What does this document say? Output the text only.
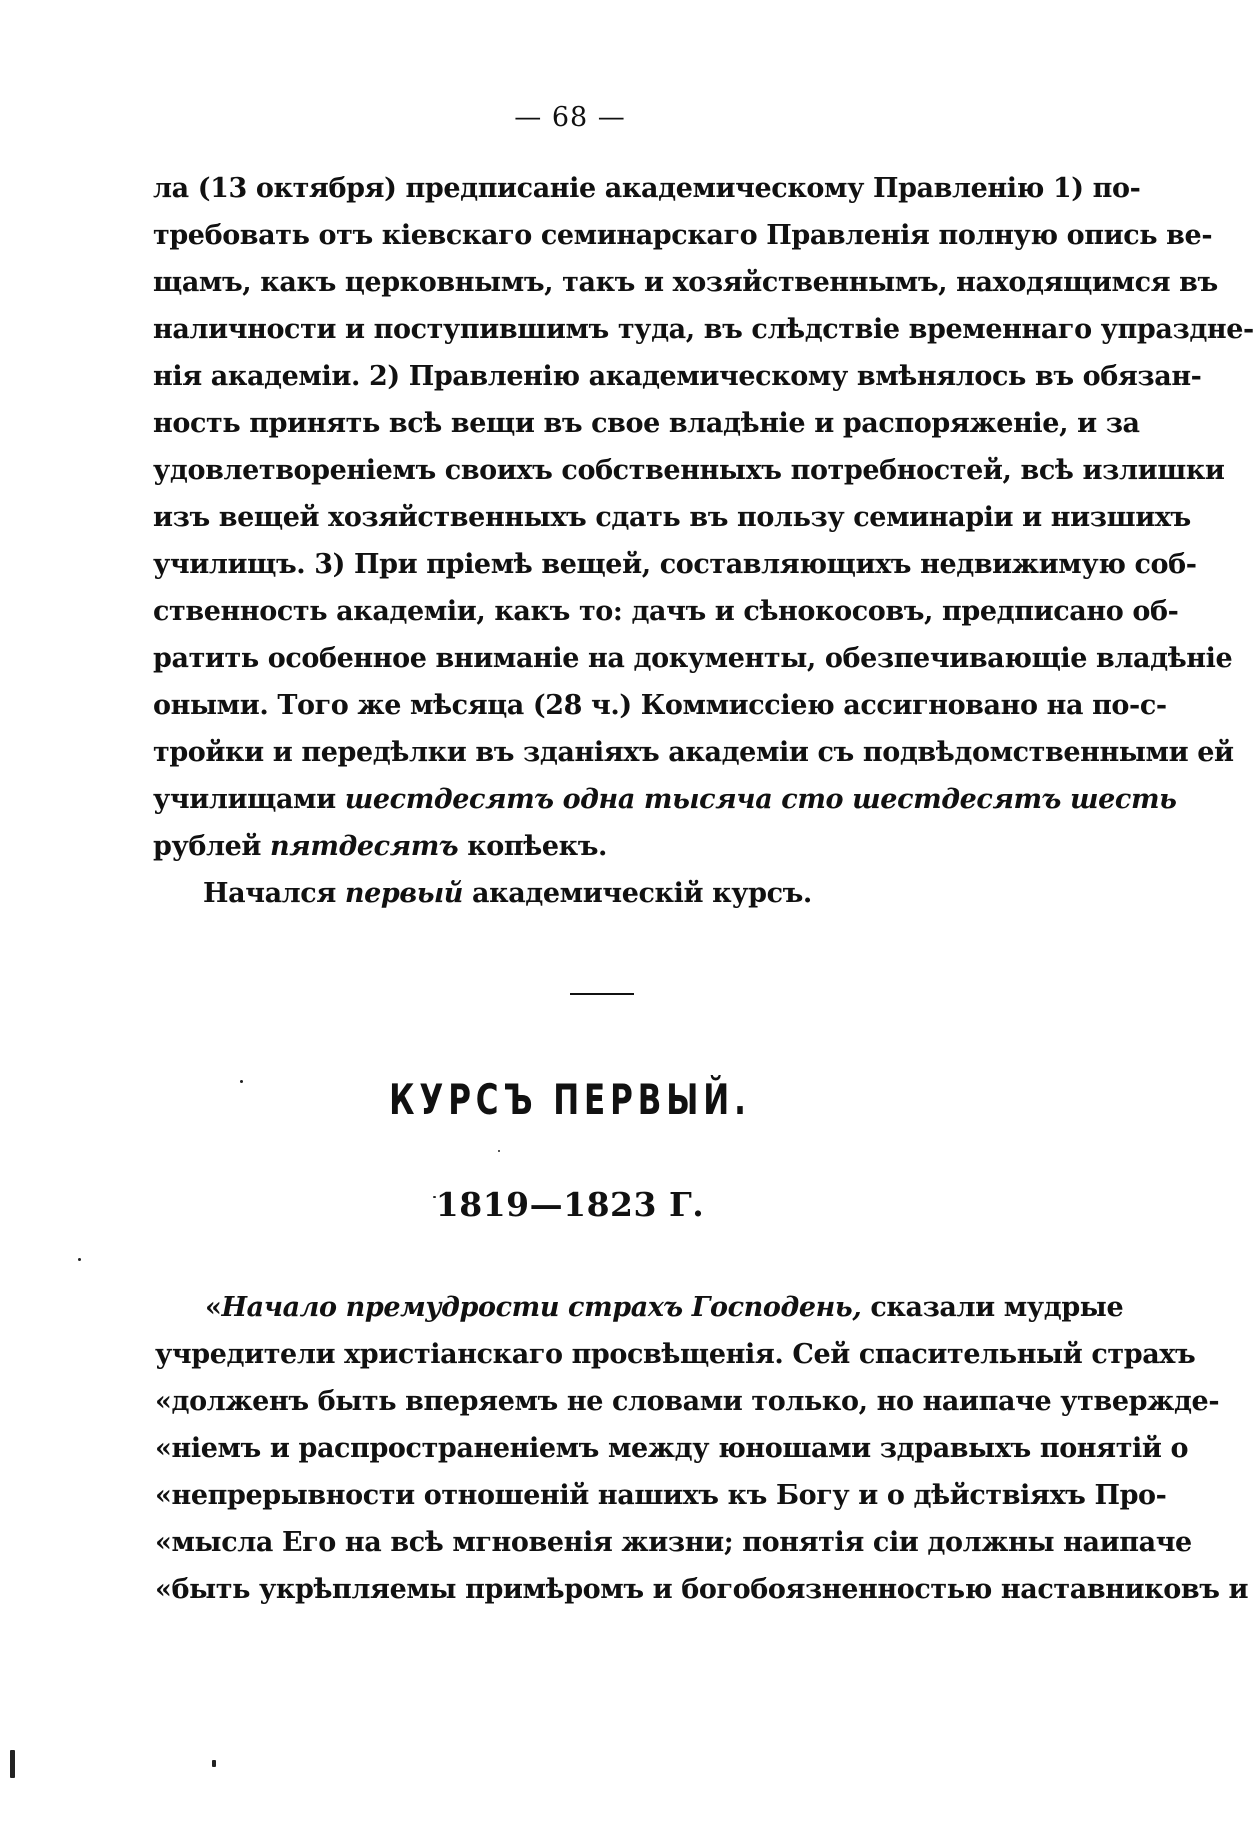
— 68 —
ла (13 октября) предписаніе академическому Правленію 1) по-
требовать отъ кіевскаго семинарскаго Правленія полную опись ве-
щамъ, какъ церковнымъ, такъ и хозяйственнымъ, находящимся въ
наличности и поступившимъ туда, въ слѣдствіе временнаго упраздне-
нія академіи. 2) Правленію академическому вмѣнялось въ обязан-
ность принять всѣ вещи въ свое владѣніе и распоряженіе, и за
удовлетвореніемъ своихъ собственныхъ потребностей, всѣ излишки
изъ вещей хозяйственныхъ сдать въ пользу семинаріи и низшихъ
училищъ. 3) При пріемѣ вещей, составляющихъ недвижимую соб-
ственность академіи, какъ то: дачъ и сѣнокосовъ, предписано об-
ратить особенное вниманіе на документы, обезпечивающіе владѣніе
оными. Того же мѣсяца (28 ч.) Коммиссіею ассигновано на по-с-
тройки и передѣлки въ зданіяхъ академіи съ подвѣдомственными ей
училищами шестдесятъ одна тысяча сто шестдесятъ шесть
рублей пятдесятъ копѣекъ.
Начался первый академическій курсъ.
КУРСЪ ПЕРВЫЙ.
1819—1823 Г.
«Начало премудрости страхъ Господень, сказали мудрые
учредители христіанскаго просвѣщенія. Сей спасительный страхъ
«долженъ быть вперяемъ не словами только, но наипаче утвержде-
«ніемъ и распространеніемъ между юношами здравыхъ понятій о
«непрерывности отношеній нашихъ къ Богу и о дѣйствіяхъ Про-
«мысла Его на всѣ мгновенія жизни; понятія сіи должны наипаче
«быть укрѣпляемы примѣромъ и богобоязненностью наставниковъ и
